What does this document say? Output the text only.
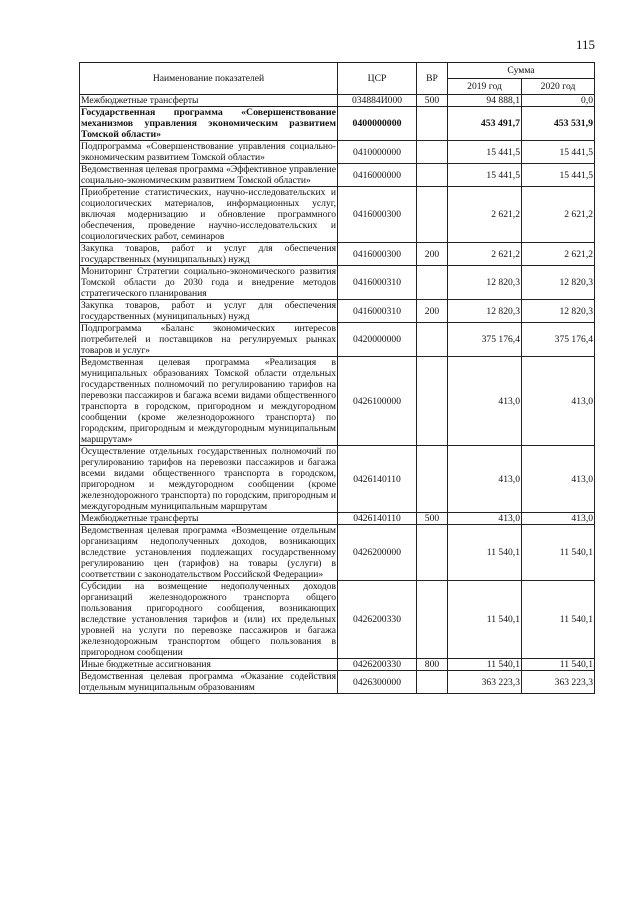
115
Наименование показателей	ЦСР	ВР	Сумма	
			2019 год	2020 год
Межбюджетные трансферты	034884И000	500	94 888,1	0,0
Государственная программа «Совершенствование механизмов управления экономическим развитием Томской области»	0400000000		453 491,7	453 531,9
Подпрограмма «Совершенствование управления социально-экономическим развитием Томской области»	0410000000		15 441,5	15 441,5
Ведомственная целевая программа «Эффективное управление социально-экономическим развитием Томской области»	0416000000		15 441,5	15 441,5
Приобретение статистических, научно-исследовательских и социологических материалов, информационных услуг, включая модернизацию и обновление программного обеспечения, проведение научно-исследовательских и социологических работ, семинаров	0416000300		2 621,2	2 621,2
Закупка товаров, работ и услуг для обеспечения государственных (муниципальных) нужд	0416000300	200	2 621,2	2 621,2
Мониторинг Стратегии социально-экономического развития Томской области до 2030 года и внедрение методов стратегического планирования	0416000310		12 820,3	12 820,3
Закупка товаров, работ и услуг для обеспечения государственных (муниципальных) нужд	0416000310	200	12 820,3	12 820,3
Подпрограмма «Баланс экономических интересов потребителей и поставщиков на регулируемых рынках товаров и услуг»	0420000000		375 176,4	375 176,4
Ведомственная целевая программа «Реализация в муниципальных образованиях Томской области отдельных государственных полномочий по регулированию тарифов на перевозки пассажиров и багажа всеми видами общественного транспорта в городском, пригородном и междугородном сообщении (кроме железнодорожного транспорта) по городским, пригородным и междугородным муниципальным маршрутам»	0426100000		413,0	413,0
Осуществление отдельных государственных полномочий по регулированию тарифов на перевозки пассажиров и багажа всеми видами общественного транспорта в городском, пригородном и междугородном сообщении (кроме железнодорожного транспорта) по городским, пригородным и междугородным муниципальным маршрутам	0426140110		413,0	413,0
Межбюджетные трансферты	0426140110	500	413,0	413,0
Ведомственная целевая программа «Возмещение отдельным организациям недополученных доходов, возникающих вследствие установления подлежащих государственному регулированию цен (тарифов) на товары (услуги) в соответствии с законодательством Российской Федерации»	0426200000		11 540,1	11 540,1
Субсидии на возмещение недополученных доходов организаций железнодорожного транспорта общего пользования пригородного сообщения, возникающих вследствие установления тарифов и (или) их предельных уровней на услуги по перевозке пассажиров и багажа железнодорожным транспортом общего пользования в пригородном сообщении	0426200330		11 540,1	11 540,1
Иные бюджетные ассигнования	0426200330	800	11 540,1	11 540,1
Ведомственная целевая программа «Оказание содействия отдельным муниципальным образованиям	0426300000		363 223,3	363 223,3
